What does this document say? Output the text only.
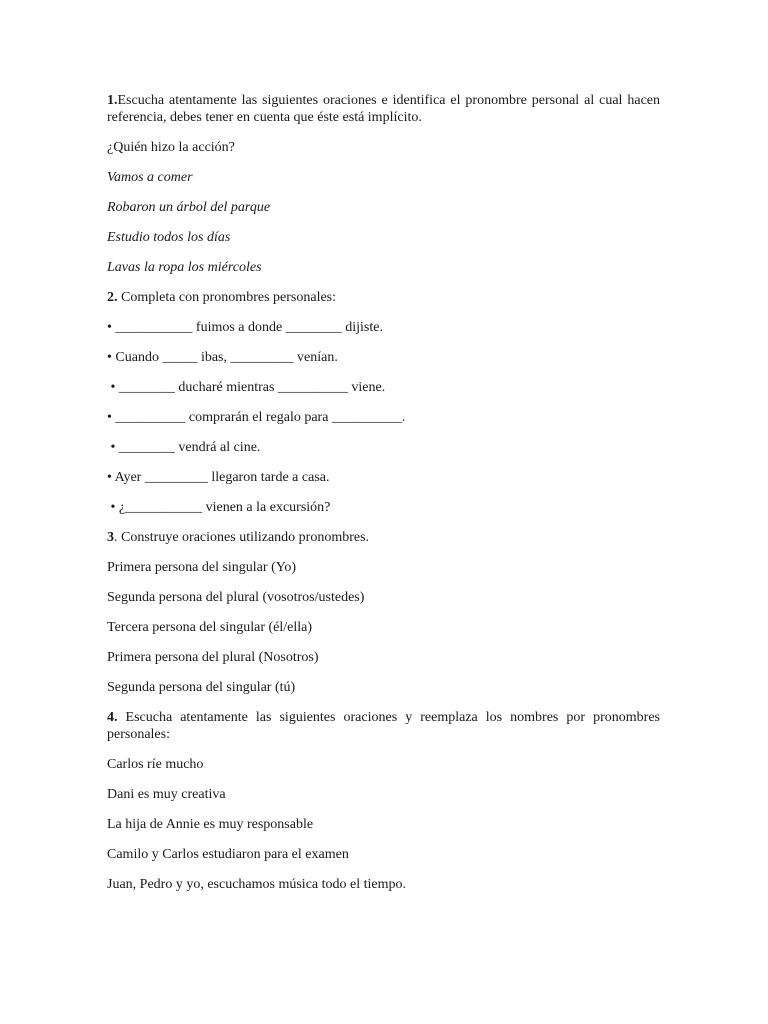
1.Escucha atentamente las siguientes oraciones e identifica el pronombre personal al cual hacen referencia, debes tener en cuenta que éste está implícito.

¿Quién hizo la acción?

Vamos a comer

Robaron un árbol del parque

Estudio todos los días

Lavas la ropa los miércoles

2. Completa con pronombres personales:

• ___________ fuimos a donde ________ dijiste.

• Cuando _____ ibas, _________ venían.

• ________ ducharé mientras __________ viene.

• __________ comprarán el regalo para __________.

• ________ vendrá al cine.

• Ayer _________ llegaron tarde a casa.

• ¿___________ vienen a la excursión?

3. Construye oraciones utilizando pronombres.

Primera persona del singular (Yo)

Segunda persona del plural (vosotros/ustedes)

Tercera persona del singular (él/ella)

Primera persona del plural (Nosotros)

Segunda persona del singular (tú)

4. Escucha atentamente las siguientes oraciones y reemplaza los nombres por pronombres personales:

Carlos ríe mucho

Dani es muy creativa

La hija de Annie es muy responsable

Camilo y Carlos estudiaron para el examen

Juan, Pedro y yo, escuchamos música todo el tiempo.
